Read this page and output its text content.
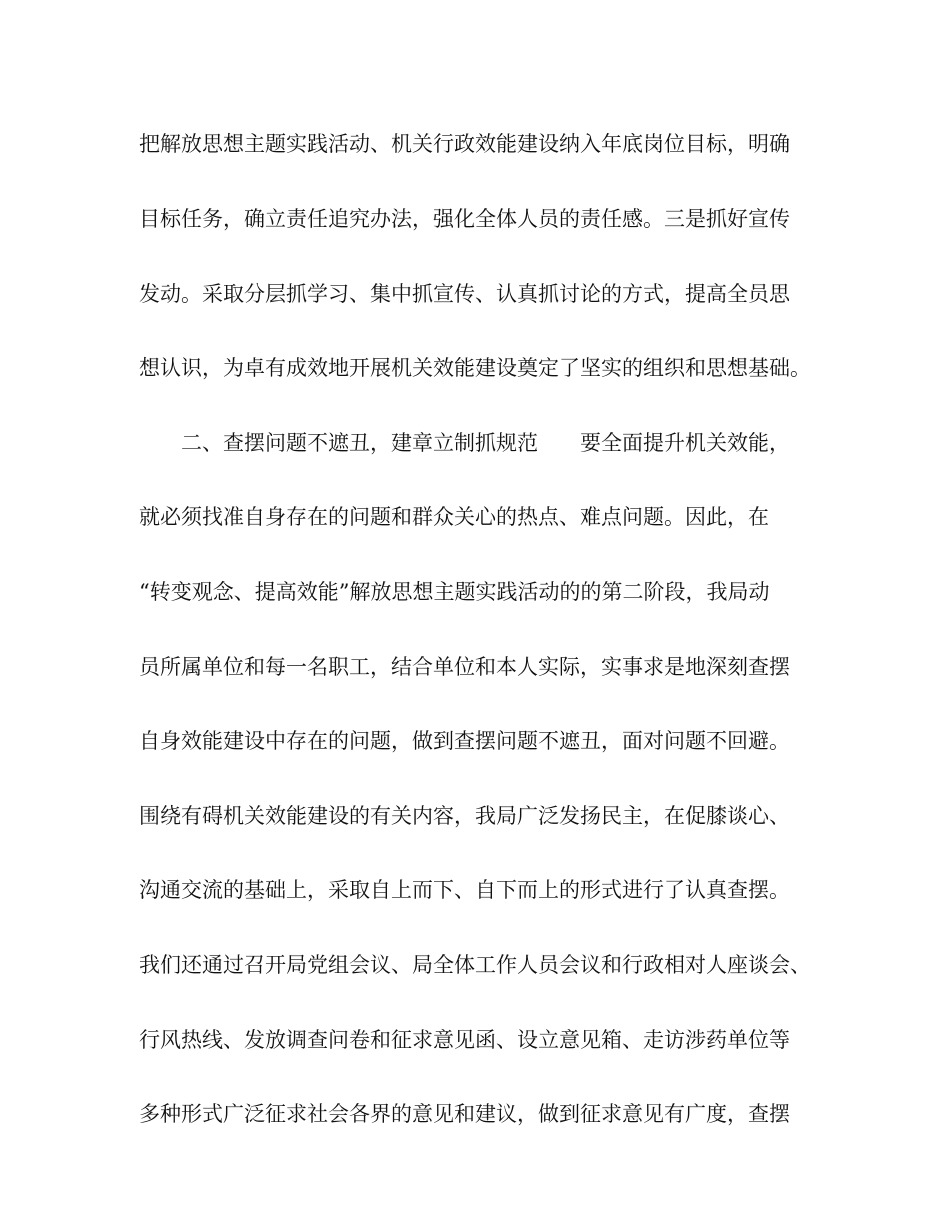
把解放思想主题实践活动、机关行政效能建设纳入年底岗位目标，明确
目标任务，确立责任追究办法，强化全体人员的责任感。三是抓好宣传
发动。采取分层抓学习、集中抓宣传、认真抓讨论的方式，提高全员思
想认识，为卓有成效地开展机关效能建设奠定了坚实的组织和思想基础。
二、查摆问题不遮丑，建章立制抓规范 要全面提升机关效能，
就必须找准自身存在的问题和群众关心的热点、难点问题。因此，在
“转变观念、提高效能”解放思想主题实践活动的的第二阶段，我局动
员所属单位和每一名职工，结合单位和本人实际，实事求是地深刻查摆
自身效能建设中存在的问题，做到查摆问题不遮丑，面对问题不回避。
围绕有碍机关效能建设的有关内容，我局广泛发扬民主，在促膝谈心、
沟通交流的基础上，采取自上而下、自下而上的形式进行了认真查摆。
我们还通过召开局党组会议、局全体工作人员会议和行政相对人座谈会、
行风热线、发放调查问卷和征求意见函、设立意见箱、走访涉药单位等
多种形式广泛征求社会各界的意见和建议，做到征求意见有广度，查摆
